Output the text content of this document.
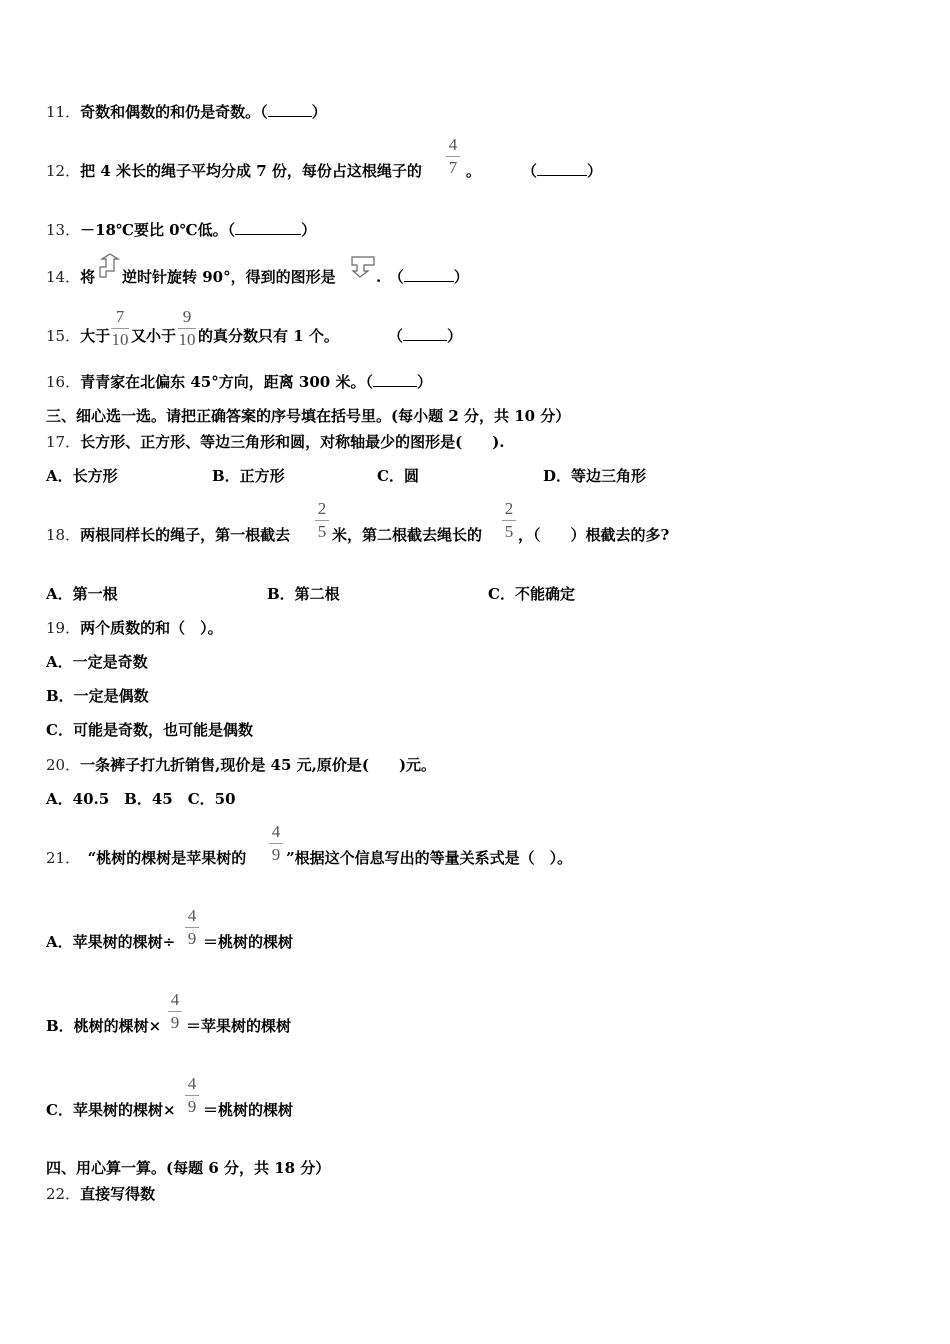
11．奇数和偶数的和仍是奇数。（	）
12．把 4 米长的绳子平均分成 7 份，每份占这根绳子的
4
7 。	（	）
13．－18℃要比 0℃低。（	）
14．将 逆时针旋转 90°，得到的图形是	.　 （	）
15．大于
7
10 又小于
9
10 的真分数只有 1 个。	（	）
16．青青家在北偏东 45°方向，距离 300 米。（	）
三、细心选一选。请把正确答案的序号填在括号里。(每小题 2 分，共 10 分）
17．长方形、正方形、等边三角形和圆，对称轴最少的图形是(　　).
A．长方形	B．正方形	C．圆	D．等边三角形
18．两根同样长的绳子，第一根截去
2
5 米，第二根截去绳长的
2
5 ，（　　）根截去的多?
A．第一根	B．第二根	C．不能确定
19．两个质数的和（　）。
A．一定是奇数
B．一定是偶数
C．可能是奇数，也可能是偶数
20．一条裤子打九折销售,现价是 45 元,原价是(　　)元。
A．40.5　B．45　C．50
21．　 “桃树的棵树是苹果树的
4
9 ”根据这个信息写出的等量关系式是（　）。
A．苹果树的棵树÷
4
9 ＝桃树的棵树
B．桃树的棵树×
4
9 ＝苹果树的棵树
C．苹果树的棵树×
4
9 ＝桃树的棵树
四、用心算一算。(每题 6 分，共 18 分）
22．直接写得数
